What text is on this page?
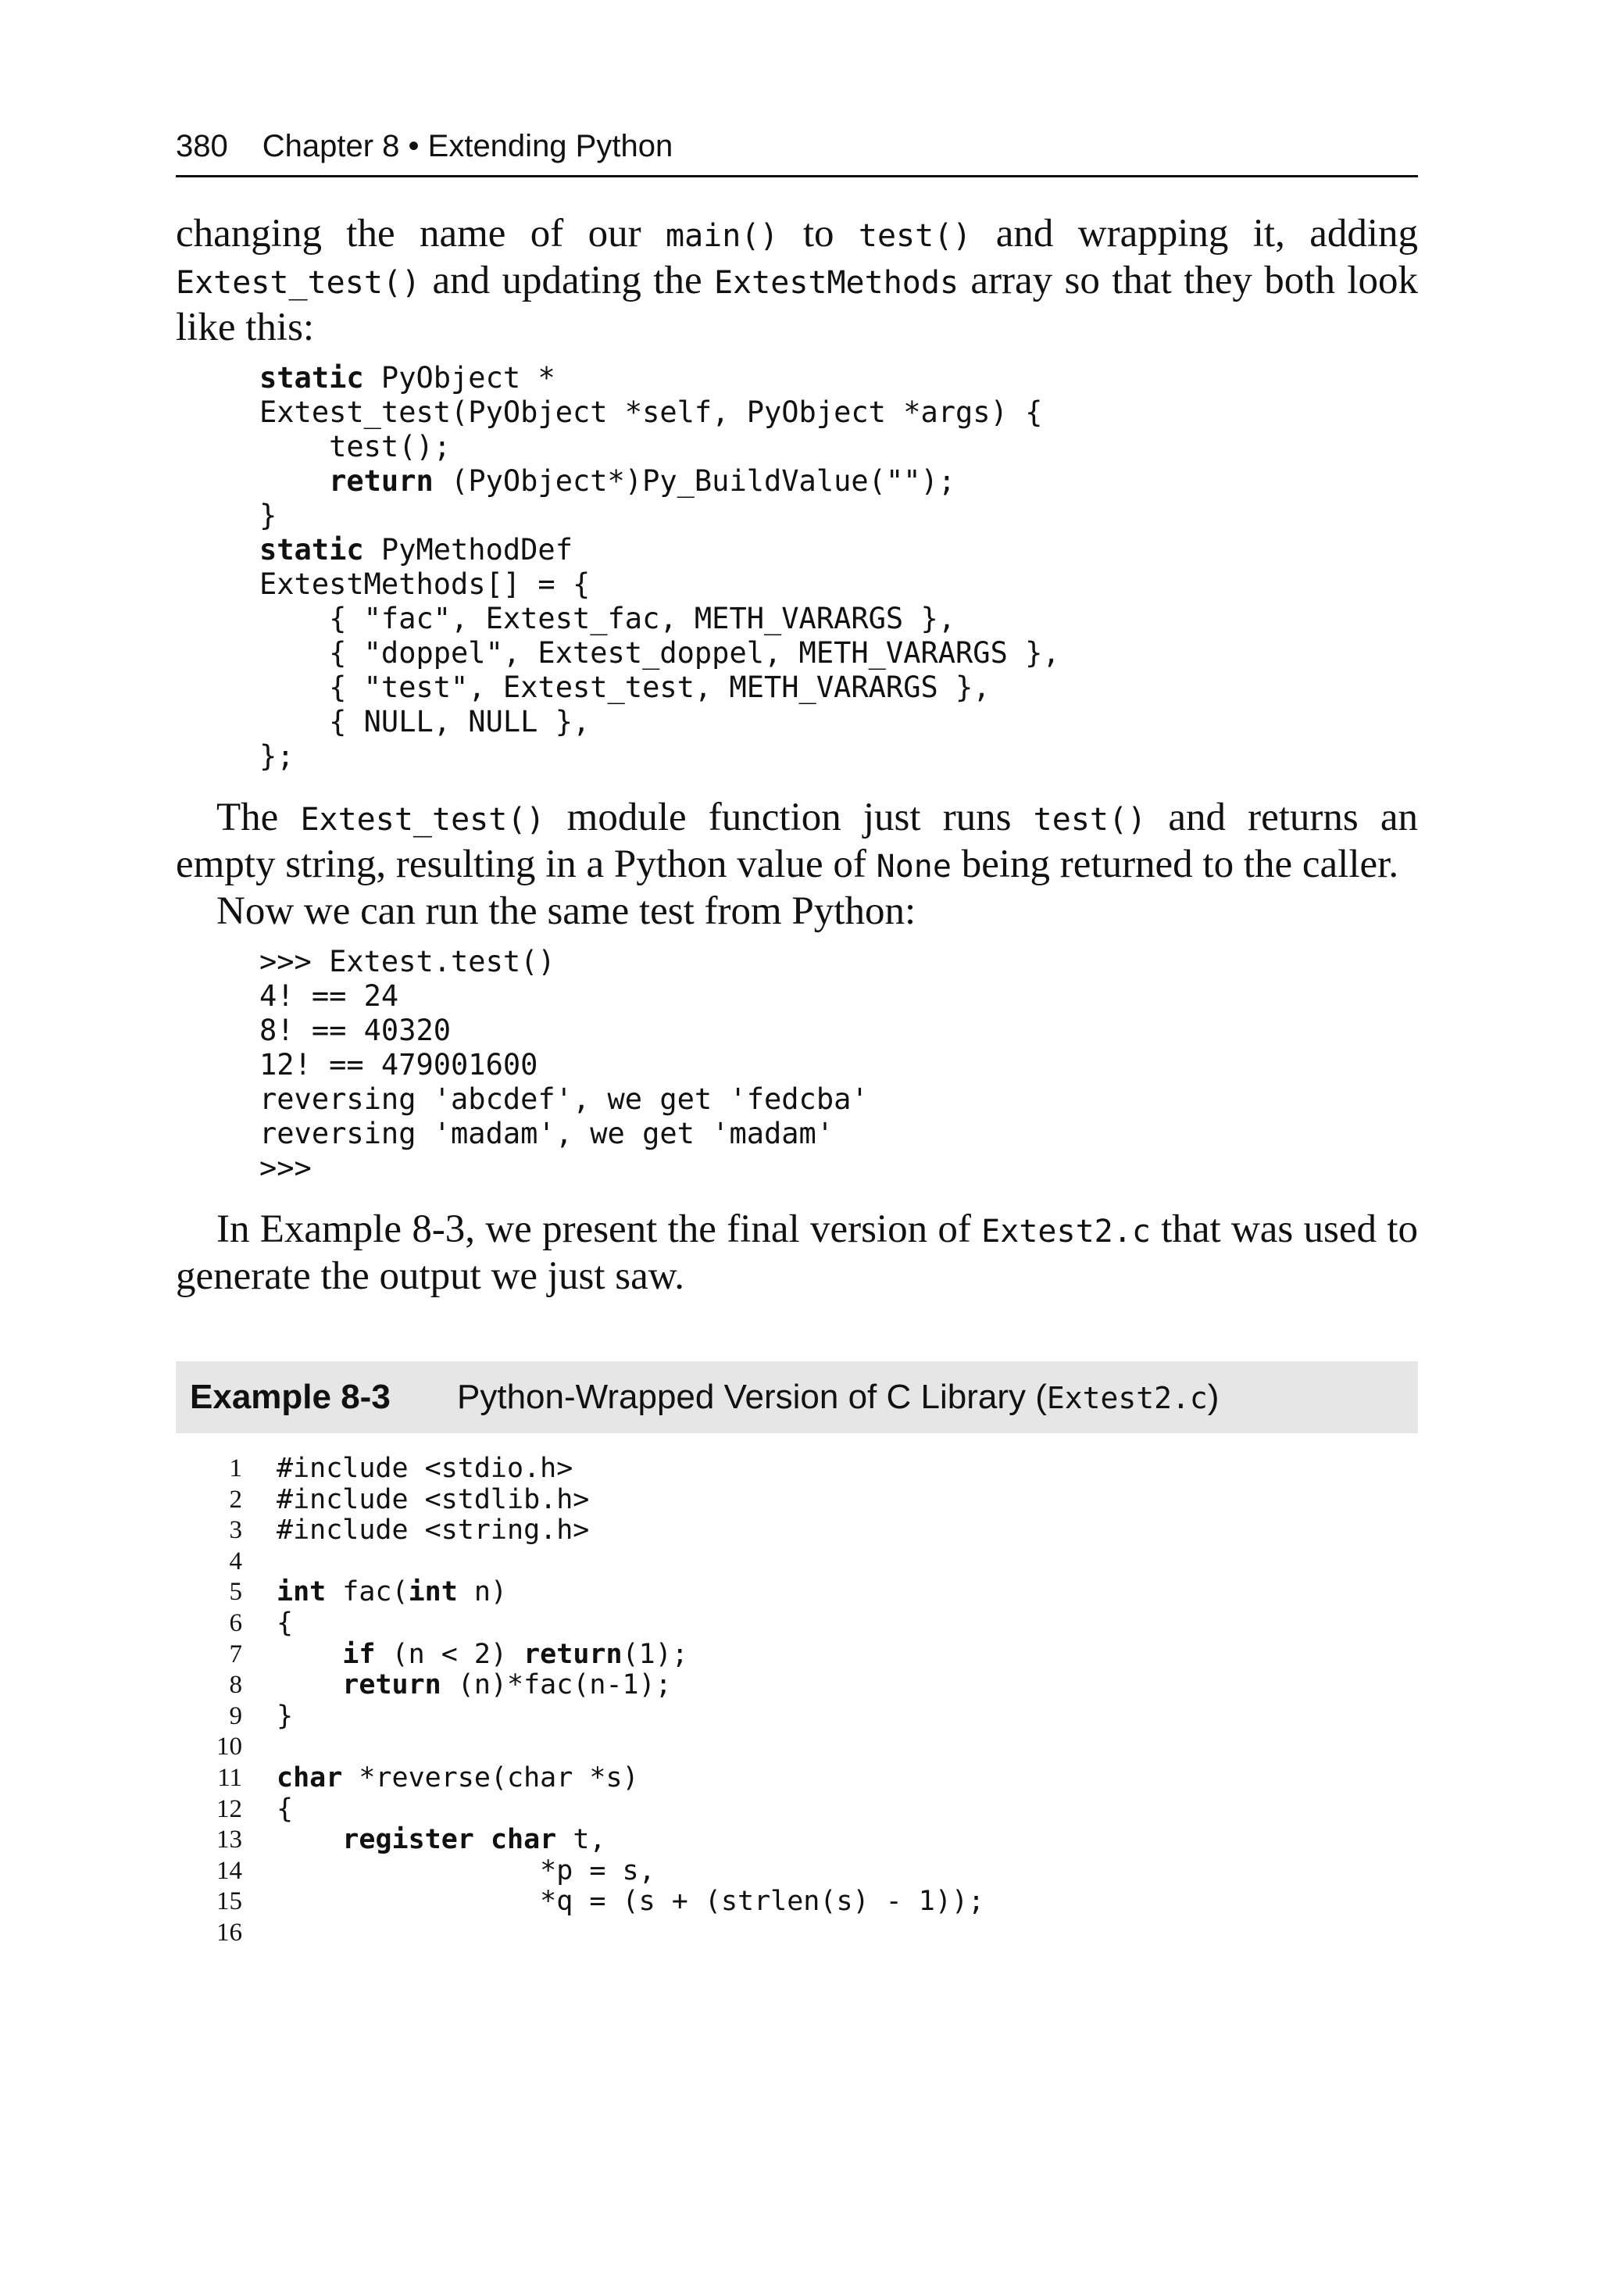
380 Chapter 8 • Extending Python

changing the name of our main() to test() and wrapping it, adding Extest_test() and updating the ExtestMethods array so that they both look like this:

static PyObject *
Extest_test(PyObject *self, PyObject *args) {
test();
return (PyObject*)Py_BuildValue("");
}
static PyMethodDef
ExtestMethods[] = {
{ "fac", Extest_fac, METH_VARARGS },
{ "doppel", Extest_doppel, METH_VARARGS },
{ "test", Extest_test, METH_VARARGS },
{ NULL, NULL },
};

The Extest_test() module function just runs test() and returns an empty string, resulting in a Python value of None being returned to the caller.

Now we can run the same test from Python:

>>> Extest.test()
4! == 24
8! == 40320
12! == 479001600
reversing 'abcdef', we get 'fedcba'
reversing 'madam', we get 'madam'
>>>

In Example 8-3, we present the final version of Extest2.c that was used to generate the output we just saw.

Example 8-3	Python-Wrapped Version of C Library (Extest2.c)
1 #include <stdio.h>
2 #include <stdlib.h>
3 #include <string.h>
4
5 int fac(int n)
6 {
7	if (n < 2) return(1);
8	return (n)*fac(n-1);
9 }
10
11 char *reverse(char *s)
12 {
13	register char t,
14 *p = s,
15 *q = (s + (strlen(s) - 1));
16
